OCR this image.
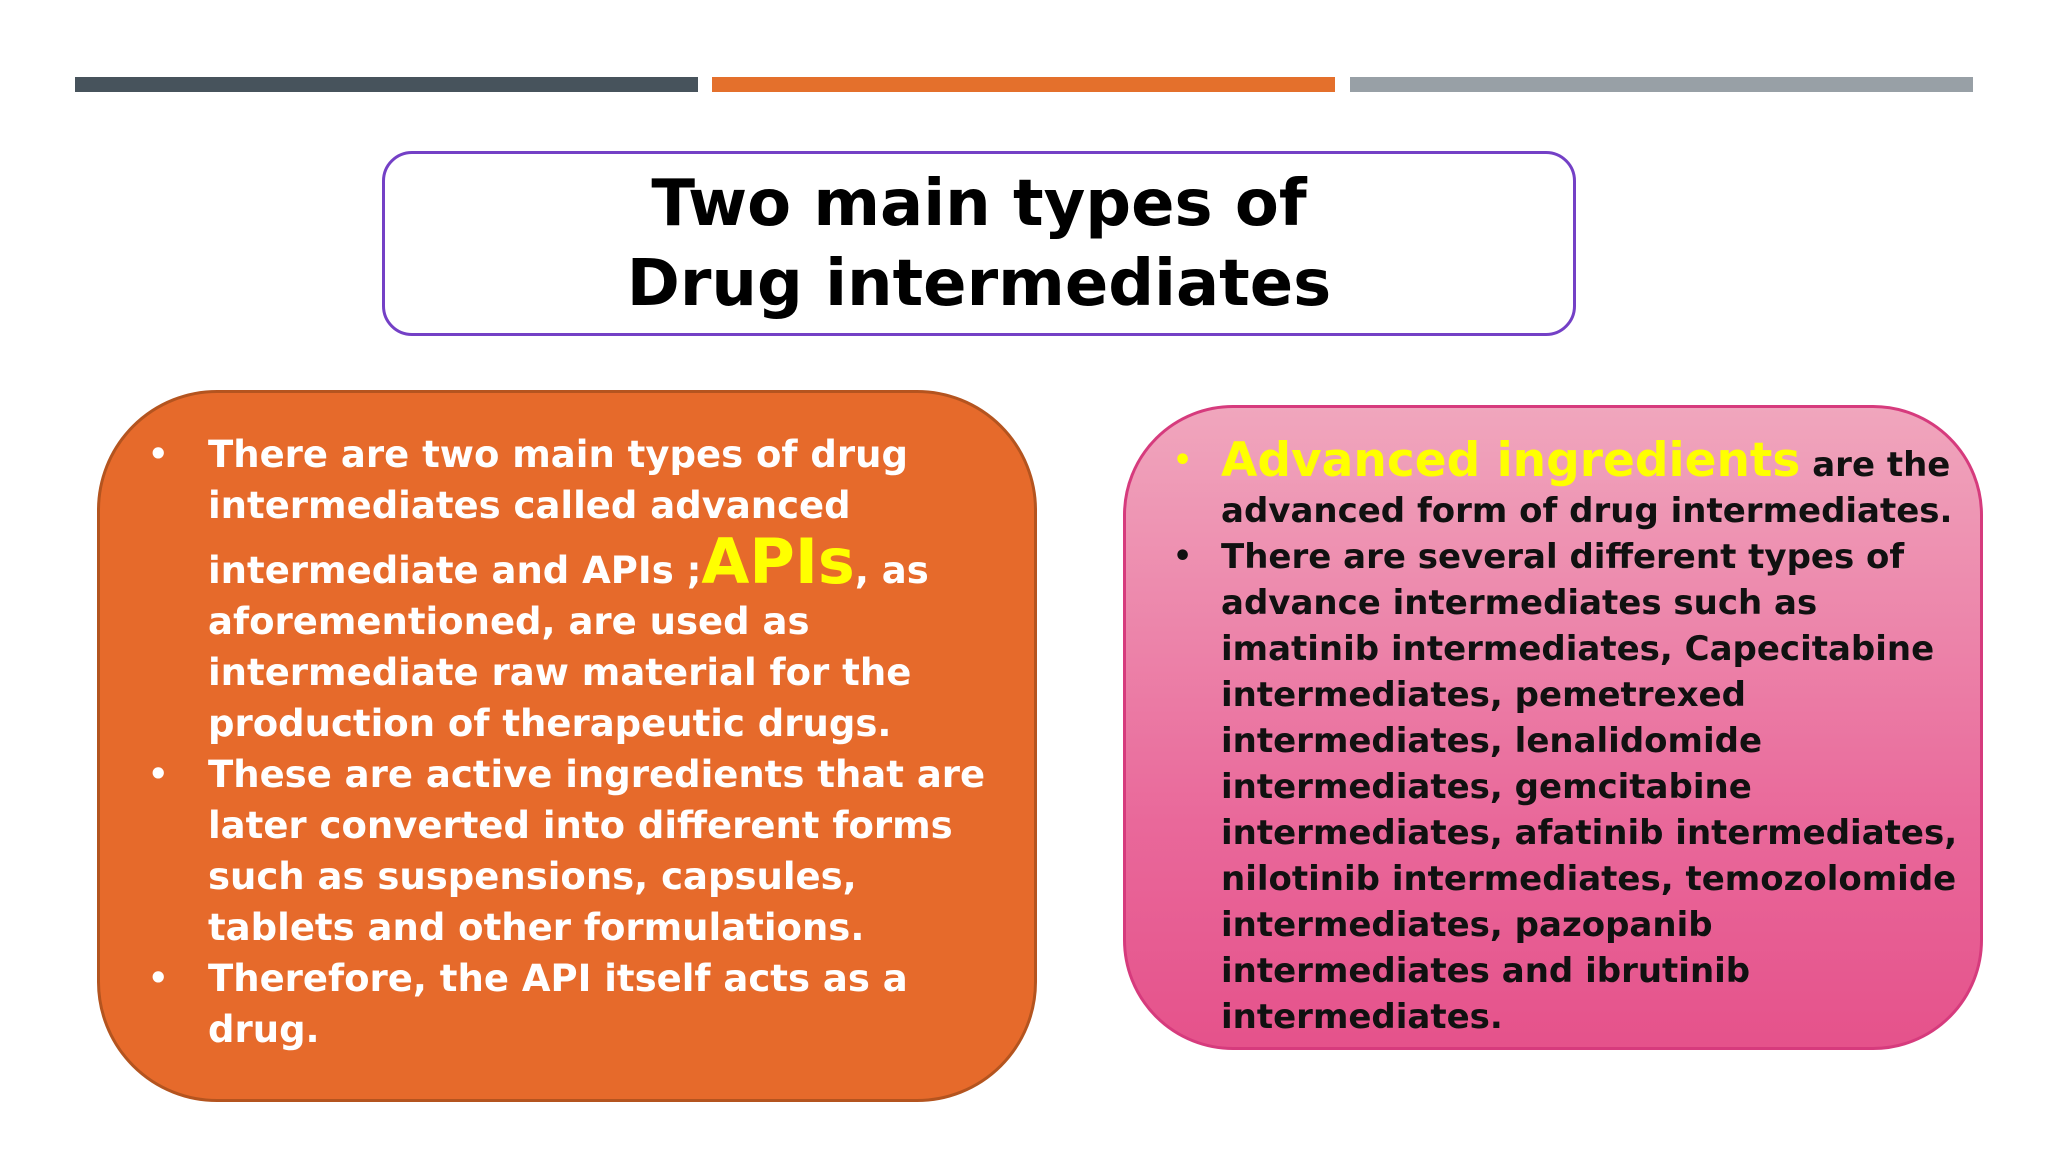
Two main types of
Drug intermediates
• There are two main types of drug intermediates called advanced intermediate and APIs ;APIs, as aforementioned, are used as intermediate raw material for the production of therapeutic drugs.
• These are active ingredients that are later converted into different forms such as suspensions, capsules, tablets and other formulations.
• Therefore, the API itself acts as a drug.
• Advanced ingredients are the advanced form of drug intermediates.
• There are several different types of advance intermediates such as imatinib intermediates, Capecitabine intermediates, pemetrexed intermediates, lenalidomide intermediates, gemcitabine intermediates, afatinib intermediates, nilotinib intermediates, temozolomide intermediates, pazopanib intermediates and ibrutinib intermediates.
